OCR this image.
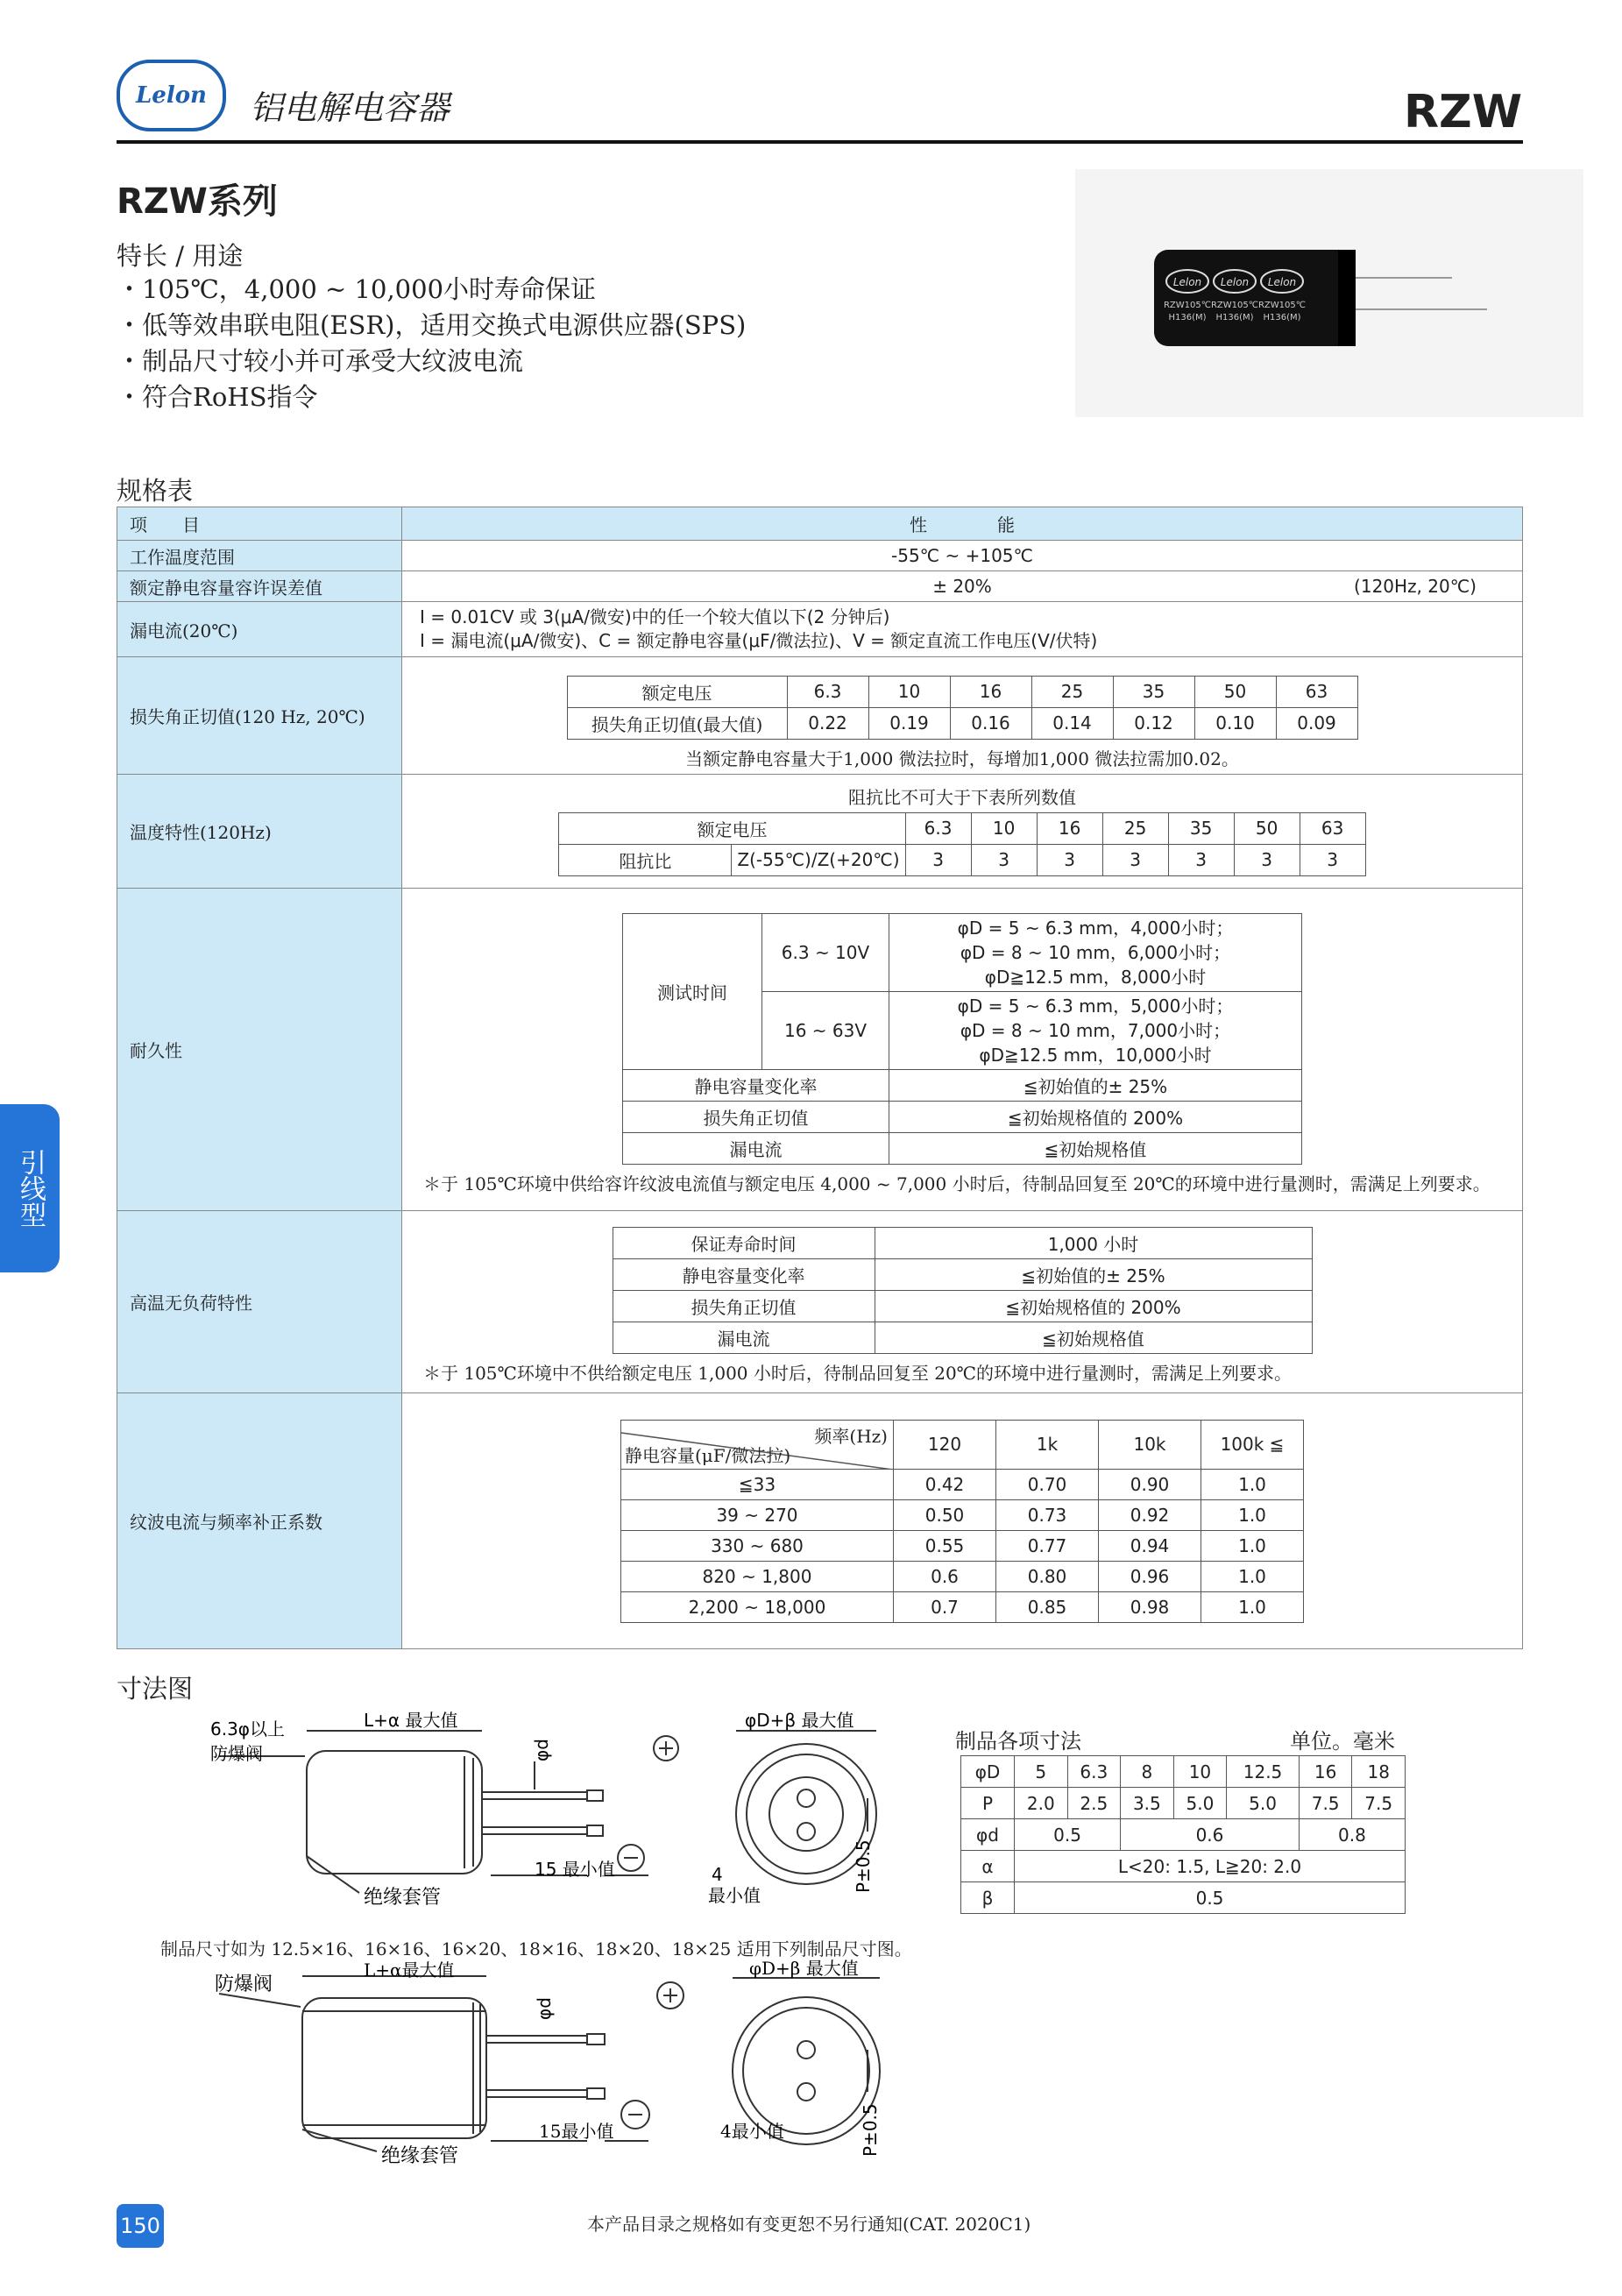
Lelon 铝电解电容器	RZW
RZW系列
特长 / 用途
・105℃，4,000 ~ 10,000小时寿命保证
・低等效串联电阻(ESR)，适用交换式电源供应器(SPS)
・制品尺寸较小并可承受大纹波电流
・符合RoHS指令
Lelon Lelon Lelon
RZW105℃ RZW105℃ RZW105℃
H136(M) H136(M) H136(M)
规格表
项　　目	性　　　　能
工作温度范围	-55℃ ~ +105℃
额定静电容量容许误差值	± 20%	(120Hz, 20℃)

漏电流(20℃)	
I = 0.01CV 或 3(μA/微安)中的任一个较大值以下(2 分钟后)
I = 漏电流(μA/微安)、C = 额定静电容量(μF/微法拉)、V = 额定直流工作电压(V/伏特)

损失角正切值(120 Hz, 20℃)	
额定电压	6.3	10	16	25	35	50	63
损失角正切值(最大值)	0.22	0.19	0.16	0.14	0.12	0.10	0.09
当额定静电容量大于1,000 微法拉时，每增加1,000 微法拉需加0.02。

温度特性(120Hz)	
阻抗比不可大于下表所列数值
额定电压	6.3	10	16	25	35	50	63
阻抗比	Z(-55℃)/Z(+20℃)	3	3	3	3	3	3	3

耐久性	
测试时间	6.3 ~ 10V	
φD = 5 ~ 6.3 mm，4,000小时；
φD = 8 ~ 10 mm，6,000小时；
φD≧12.5 mm，8,000小时

16 ~ 63V	
φD = 5 ~ 6.3 mm，5,000小时；
φD = 8 ~ 10 mm，7,000小时；
φD≧12.5 mm，10,000小时

静电容量变化率	≦初始值的± 25%
损失角正切值	≦初始规格值的 200%
漏电流	≦初始规格值
＊于 105℃环境中供给容许纹波电流值与额定电压 4,000 ~ 7,000 小时后，待制品回复至 20℃的环境中进行量测时，需满足上列要求。

高温无负荷特性	
保证寿命时间	1,000 小时
静电容量变化率	≦初始值的± 25%
损失角正切值	≦初始规格值的 200%
漏电流	≦初始规格值
＊于 105℃环境中不供给额定电压 1,000 小时后，待制品回复至 20℃的环境中进行量测时，需满足上列要求。

纹波电流与频率补正系数	
频率(Hz)
静电容量(μF/微法拉)
	120	1k	10k	100k ≦
≦33	0.42	0.70	0.90	1.0
39 ~ 270	0.50	0.73	0.92	1.0
330 ~ 680	0.55	0.77	0.94	1.0
820 ~ 1,800	0.6	0.80	0.96	1.0
2,200 ~ 18,000	0.7	0.85	0.98	1.0
引线型
寸法图
6.3φ以上
防爆阀
L+α 最大值
φd
φD+β 最大值
绝缘套管
15 最小值	4
最小值
P±0.5
制品各项寸法	单位。毫米
φD	5	6.3	8	10	12.5	16	18
P	2.0	2.5	3.5	5.0	5.0	7.5	7.5
φd	0.5		0.6			0.8	
α	L<20: 1.5, L≧20: 2.0						
β	0.5						
制品尺寸如为 12.5×16、16×16、16×20、18×16、18×20、18×25 适用下列制品尺寸图。
L+α最大值
防爆阀
φd
φD+β 最大值
绝缘套管
15最小值	4最小值	P±0.5
150	本产品目录之规格如有变更恕不另行通知(CAT. 2020C1)
